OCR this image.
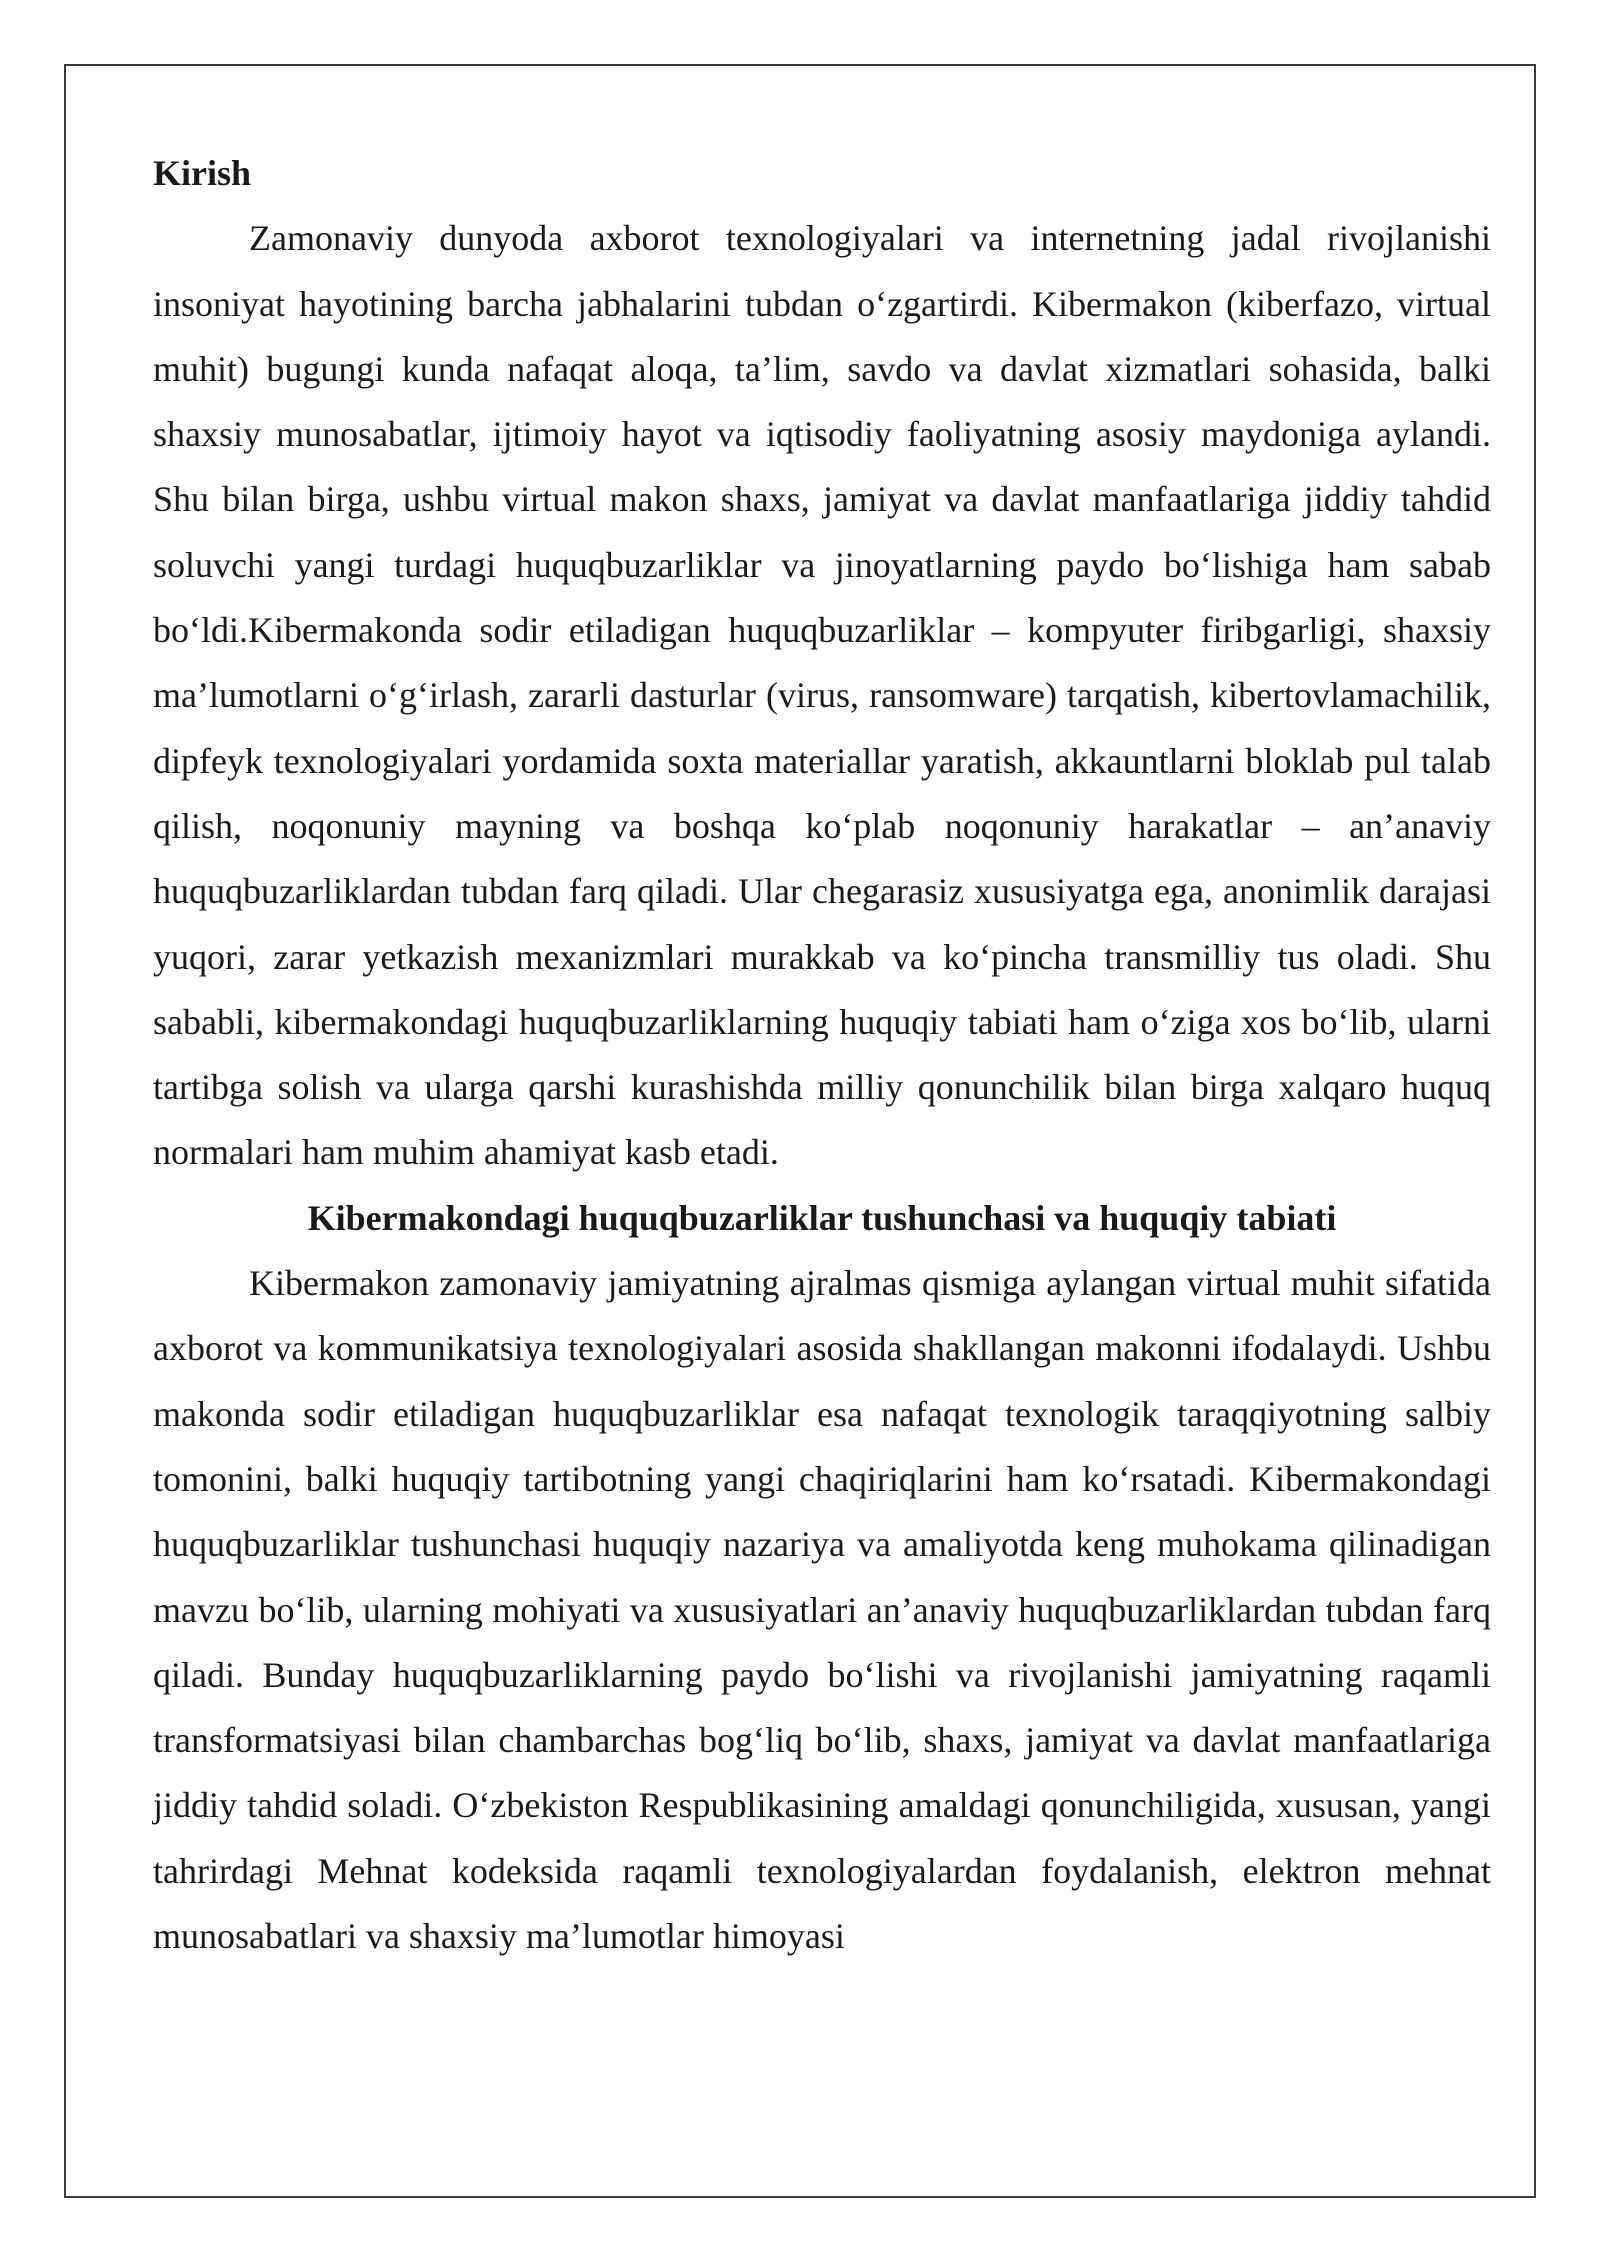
Kirish

Zamonaviy dunyoda axborot texnologiyalari va internetning jadal rivojlanishi insoniyat hayotining barcha jabhalarini tubdan o‘zgartirdi. Kibermakon (kiberfazo, virtual muhit) bugungi kunda nafaqat aloqa, ta’lim, savdo va davlat xizmatlari sohasida, balki shaxsiy munosabatlar, ijtimoiy hayot va iqtisodiy faoliyatning asosiy maydoniga aylandi. Shu bilan birga, ushbu virtual makon shaxs, jamiyat va davlat manfaatlariga jiddiy tahdid soluvchi yangi turdagi huquqbuzarliklar va jinoyatlarning paydo bo‘lishiga ham sabab bo‘ldi.Kibermakonda sodir etiladigan huquqbuzarliklar – kompyuter firibgarligi, shaxsiy ma’lumotlarni o‘g‘irlash, zararli dasturlar (virus, ransomware) tarqatish, kibertovlamachilik, dipfeyk texnologiyalari yordamida soxta materiallar yaratish, akkauntlarni bloklab pul talab qilish, noqonuniy mayning va boshqa ko‘plab noqonuniy harakatlar – an’anaviy huquqbuzarliklardan tubdan farq qiladi. Ular chegarasiz xususiyatga ega, anonimlik darajasi yuqori, zarar yetkazish mexanizmlari murakkab va ko‘pincha transmilliy tus oladi. Shu sababli, kibermakondagi huquqbuzarliklarning huquqiy tabiati ham o‘ziga xos bo‘lib, ularni tartibga solish va ularga qarshi kurashishda milliy qonunchilik bilan birga xalqaro huquq normalari ham muhim ahamiyat kasb etadi.

Kibermakondagi huquqbuzarliklar tushunchasi va huquqiy tabiati

Kibermakon zamonaviy jamiyatning ajralmas qismiga aylangan virtual muhit sifatida axborot va kommunikatsiya texnologiyalari asosida shakllangan makonni ifodalaydi. Ushbu makonda sodir etiladigan huquqbuzarliklar esa nafaqat texnologik taraqqiyotning salbiy tomonini, balki huquqiy tartibotning yangi chaqiriqlarini ham ko‘rsatadi. Kibermakondagi huquqbuzarliklar tushunchasi huquqiy nazariya va amaliyotda keng muhokama qilinadigan mavzu bo‘lib, ularning mohiyati va xususiyatlari an’anaviy huquqbuzarliklardan tubdan farq qiladi. Bunday huquqbuzarliklarning paydo bo‘lishi va rivojlanishi jamiyatning raqamli transformatsiyasi bilan chambarchas bog‘liq bo‘lib, shaxs, jamiyat va davlat manfaatlariga jiddiy tahdid soladi. O‘zbekiston Respublikasining amaldagi qonunchiligida, xususan, yangi tahrirdagi Mehnat kodeksida raqamli texnologiyalardan foydalanish, elektron mehnat munosabatlari va shaxsiy ma’lumotlar himoyasi
